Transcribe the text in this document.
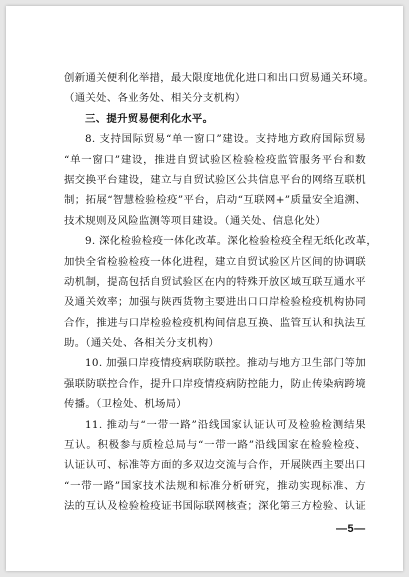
创新通关便利化举措，最大限度地优化进口和出口贸易通关环境。
（通关处、各业务处、相关分支机构）
三、提升贸易便利化水平。
8. 支持国际贸易“单一窗口”建设。支持地方政府国际贸易
“单一窗口”建设，推进自贸试验区检验检疫监管服务平台和数
据交换平台建设，建立与自贸试验区公共信息平台的网络互联机
制；拓展“智慧检验检疫”平台，启动“互联网+”质量安全追溯、
技术规则及风险监测等项目建设。（通关处、信息化处）
9. 深化检验检疫一体化改革。深化检验检疫全程无纸化改革，
加快全省检验检疫一体化进程，建立自贸试验区片区间的协调联
动机制，提高包括自贸试验区在内的特殊开放区域互联互通水平
及通关效率；加强与陕西货物主要进出口口岸检验检疫机构协同
合作，推进与口岸检验检疫机构间信息互换、监管互认和执法互
助。（通关处、各相关分支机构）
10. 加强口岸疫情疫病联防联控。推动与地方卫生部门等加
强联防联控合作，提升口岸疫情疫病防控能力，防止传染病跨境
传播。（卫检处、机场局）
11. 推动与“一带一路”沿线国家认证认可及检验检测结果
互认。积极参与质检总局与“一带一路”沿线国家在检验检疫、
认证认可、标准等方面的多双边交流与合作，开展陕西主要出口
“一带一路”国家技术法规和标准分析研究，推动实现标准、方
法的互认及检验检疫证书国际联网核查；深化第三方检验、认证
—5—
